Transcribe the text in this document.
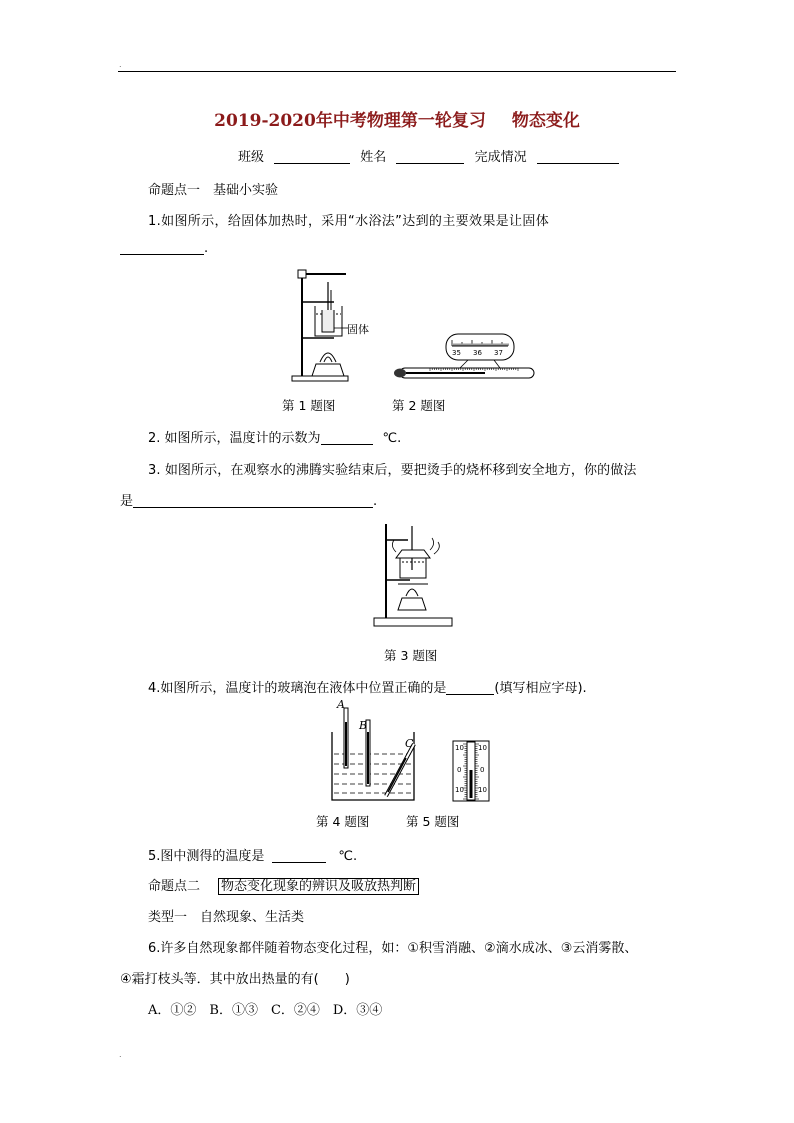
.
2019-2020年中考物理第一轮复习 物态变化
班级	姓名	完成情况
命题点一　基础小实验
1.如图所示，给固体加热时，采用“水浴法”达到的主要效果是让固体
.
固体
35 36 37
第 1 题图	第 2 题图
2. 如图所示，温度计的示数为	℃.
3. 如图所示，在观察水的沸腾实验结束后，要把烫手的烧杯移到安全地方，你的做法
是	.
第 3 题图
4.如图所示，温度计的玻璃泡在液体中位置正确的是	(填写相应字母).
A
B
C	10
0
10
10
0
10
第 4 题图	第 5 题图
5.图中测得的温度是	℃.
命题点二 物态变化现象的辨识及吸放热判断
类型一　自然现象、生活类
6.许多自然现象都伴随着物态变化过程，如：①积雪消融、②滴水成冰、③云消雾散、
④霜打枝头等．其中放出热量的有(　　)
A．①②　B．①③　C．②④　D．③④
.
